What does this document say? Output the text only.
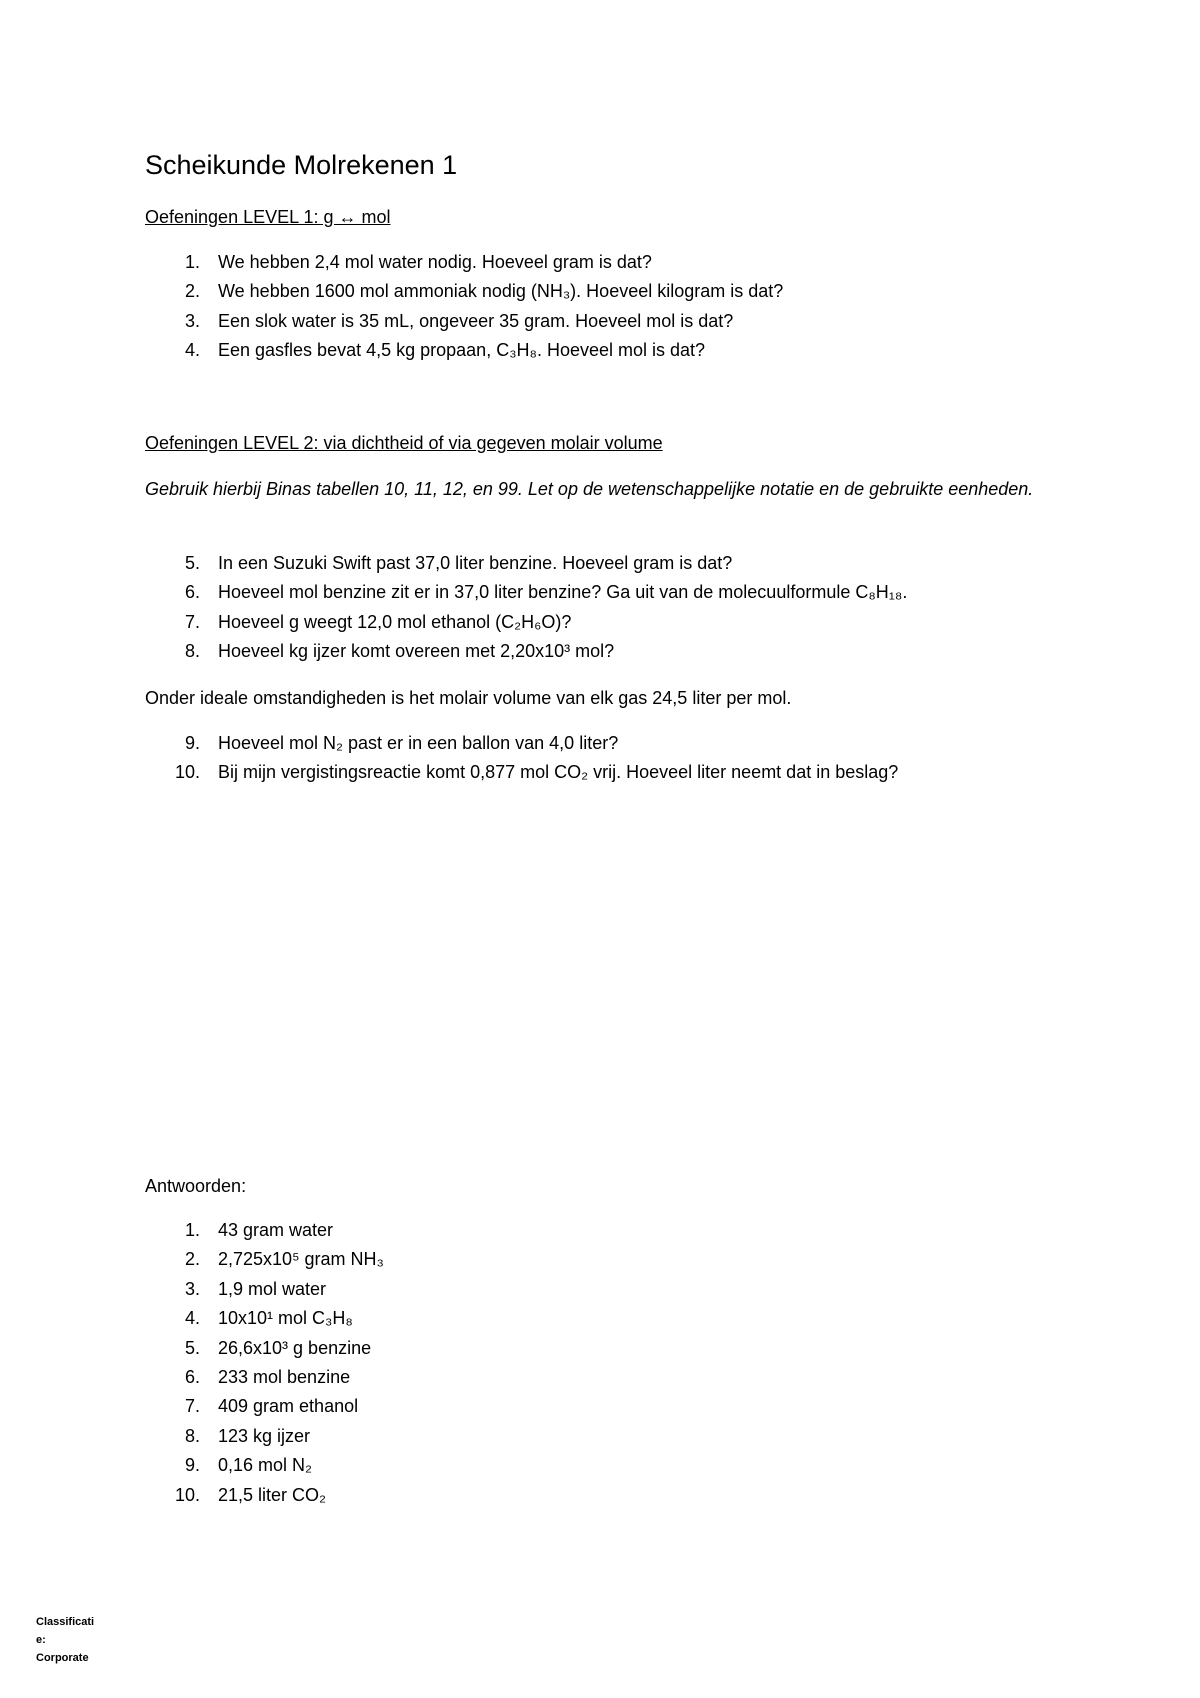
Scheikunde Molrekenen 1

Oefeningen LEVEL 1: g ↔ mol

1. We hebben 2,4 mol water nodig. Hoeveel gram is dat?
2. We hebben 1600 mol ammoniak nodig (NH₃). Hoeveel kilogram is dat?
3. Een slok water is 35 mL, ongeveer 35 gram. Hoeveel mol is dat?
4. Een gasfles bevat 4,5 kg propaan, C₃H₈. Hoeveel mol is dat?

Oefeningen LEVEL 2: via dichtheid of via gegeven molair volume

Gebruik hierbij Binas tabellen 10, 11, 12, en 99. Let op de wetenschappelijke notatie en de gebruikte eenheden.

5. In een Suzuki Swift past 37,0 liter benzine. Hoeveel gram is dat?
6. Hoeveel mol benzine zit er in 37,0 liter benzine? Ga uit van de molecuulformule C₈H₁₈.
7. Hoeveel g weegt 12,0 mol ethanol (C₂H₆O)?
8. Hoeveel kg ijzer komt overeen met 2,20x10³ mol?

Onder ideale omstandigheden is het molair volume van elk gas 24,5 liter per mol.

9. Hoeveel mol N₂ past er in een ballon van 4,0 liter?
10. Bij mijn vergistingsreactie komt 0,877 mol CO₂ vrij. Hoeveel liter neemt dat in beslag?

Antwoorden:

1. 43 gram water
2. 2,725x10⁵ gram NH₃
3. 1,9 mol water
4. 10x10¹ mol C₃H₈
5. 26,6x10³ g benzine
6. 233 mol benzine
7. 409 gram ethanol
8. 123 kg ijzer
9. 0,16 mol N₂
10. 21,5 liter CO₂
Classificatie:
Corporate
